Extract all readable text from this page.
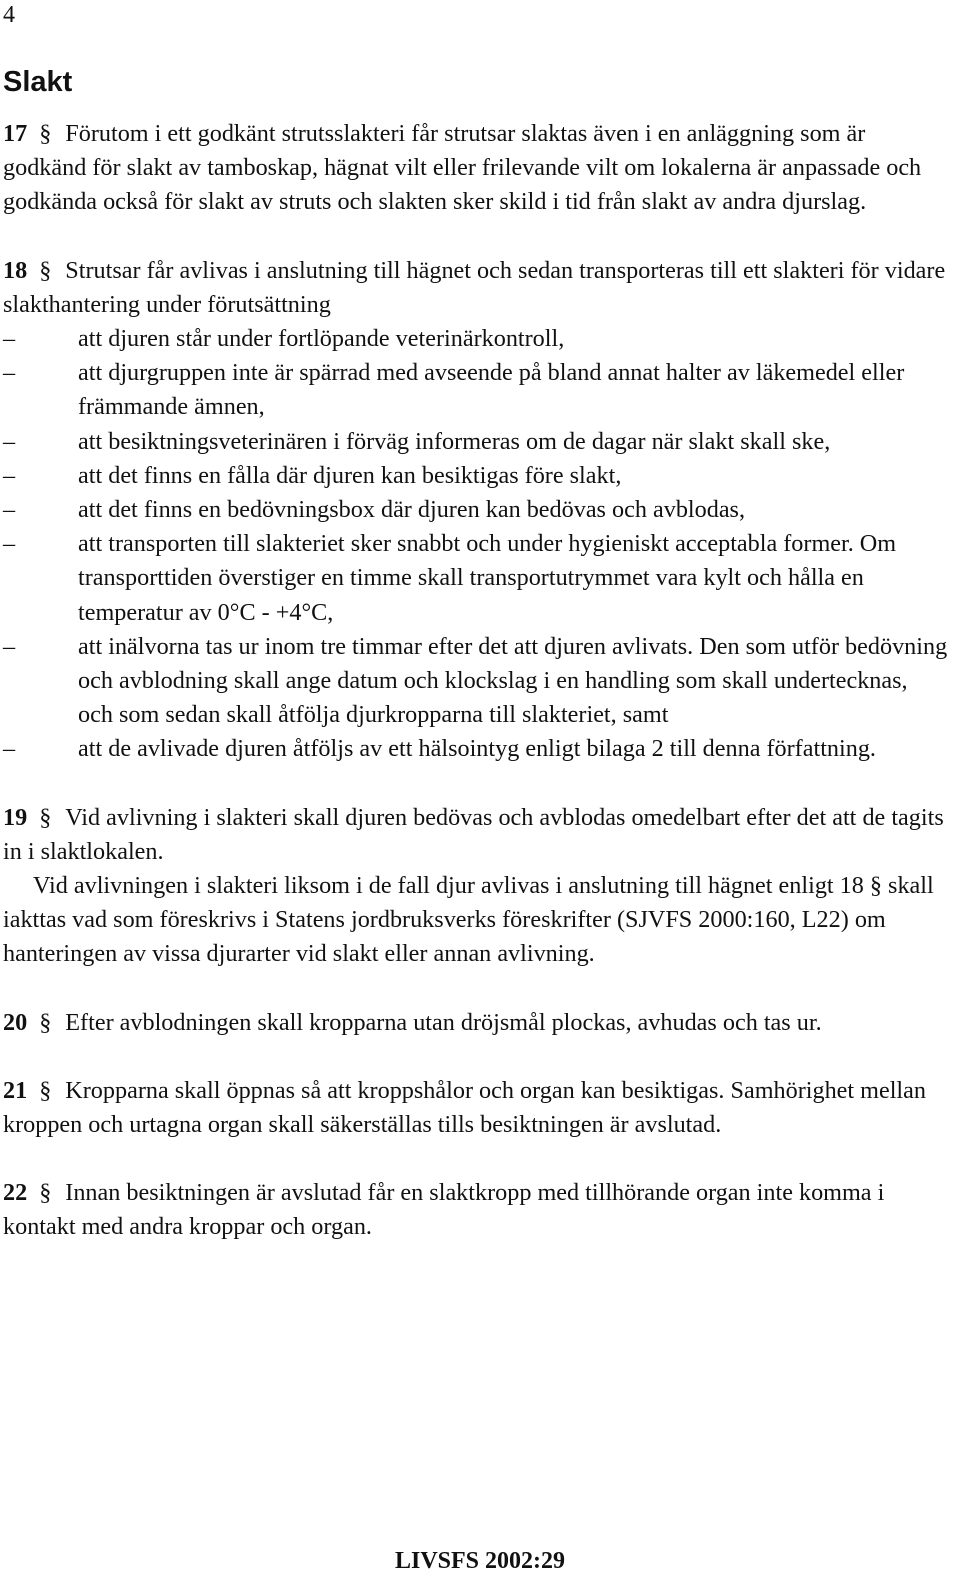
4
Slakt

17 § Förutom i ett godkänt strutsslakteri får strutsar slaktas även i en anläggning som är godkänd för slakt av tamboskap, hägnat vilt eller frilevande vilt om lokalerna är anpassade och godkända också för slakt av struts och slakten sker skild i tid från slakt av andra djurslag.

18 § Strutsar får avlivas i anslutning till hägnet och sedan transporteras till ett slakteri för vidare slakthantering under förutsättning

–	att djuren står under fortlöpande veterinärkontroll,
–	att djurgruppen inte är spärrad med avseende på bland annat halter av läkemedel eller främmande ämnen,
–	att besiktningsveterinären i förväg informeras om de dagar när slakt skall ske,
–	att det finns en fålla där djuren kan besiktigas före slakt,
–	att det finns en bedövningsbox där djuren kan bedövas och avblodas,
–	att transporten till slakteriet sker snabbt och under hygieniskt acceptabla former. Om transporttiden överstiger en timme skall transportutrymmet vara kylt och hålla en temperatur av 0°C - +4°C,
–	att inälvorna tas ur inom tre timmar efter det att djuren avlivats. Den som utför bedövning och avblodning skall ange datum och klockslag i en handling som skall undertecknas, och som sedan skall åtfölja djurkropparna till slakteriet, samt
–	att de avlivade djuren åtföljs av ett hälsointyg enligt bilaga 2 till denna författning.

19 § Vid avlivning i slakteri skall djuren bedövas och avblodas omedelbart efter det att de tagits in i slaktlokalen.

Vid avlivningen i slakteri liksom i de fall djur avlivas i anslutning till hägnet enligt 18 § skall iakttas vad som föreskrivs i Statens jordbruksverks föreskrifter (SJVFS 2000:160, L22) om hanteringen av vissa djurarter vid slakt eller annan avlivning.

20 § Efter avblodningen skall kropparna utan dröjsmål plockas, avhudas och tas ur.

21 § Kropparna skall öppnas så att kroppshålor och organ kan besiktigas. Samhörighet mellan kroppen och urtagna organ skall säkerställas tills besiktningen är avslutad.

22 § Innan besiktningen är avslutad får en slaktkropp med tillhörande organ inte komma i kontakt med andra kroppar och organ.

LIVSFS 2002:29
